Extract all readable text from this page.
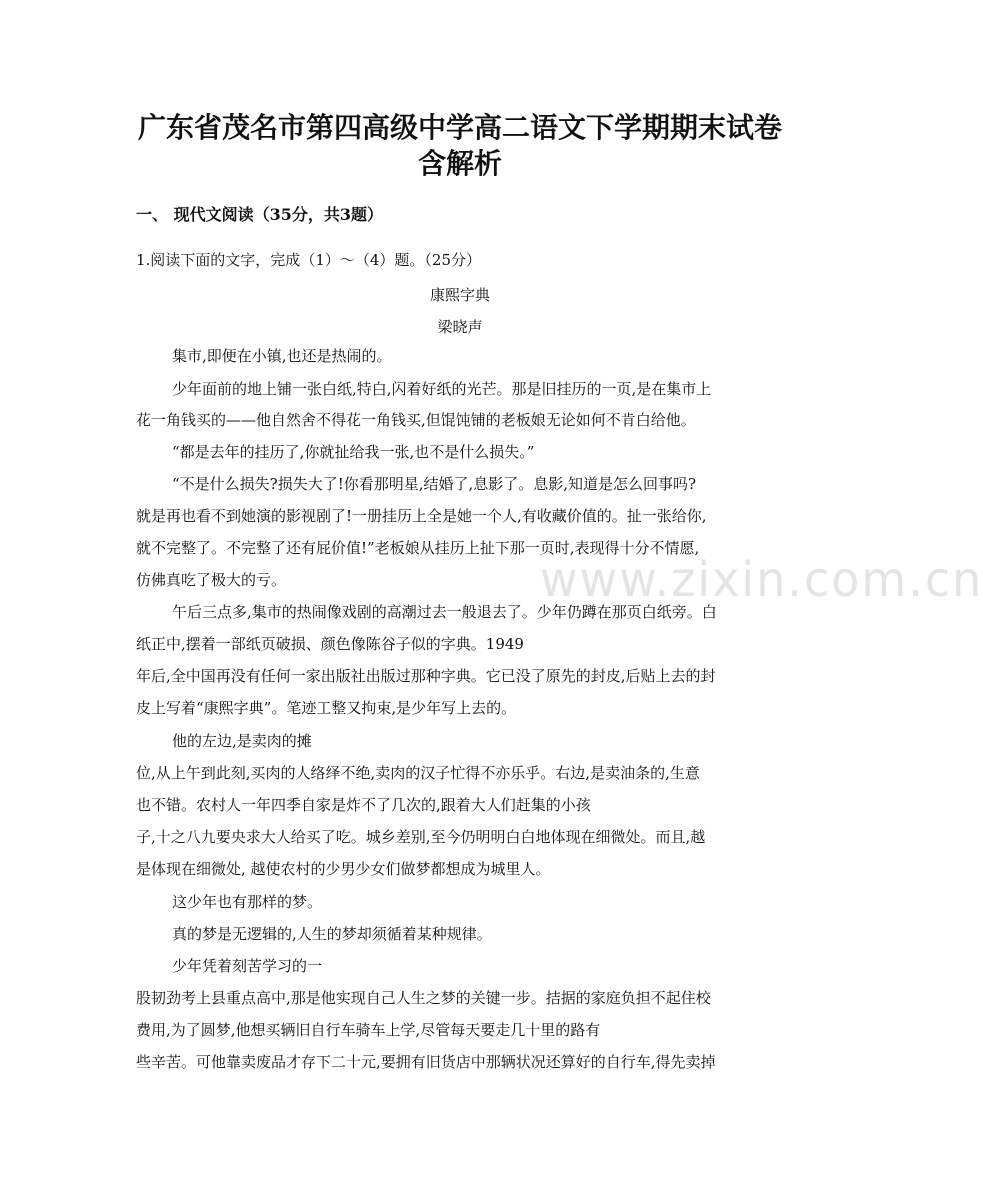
广东省茂名市第四高级中学高二语文下学期期末试卷
含解析
一、 现代文阅读（35分，共3题）
1.阅读下面的文字，完成（1）～（4）题。（25分）
康熙字典
梁晓声
集市,即便在小镇,也还是热闹的。
少年面前的地上铺一张白纸,特白,闪着好纸的光芒。那是旧挂历的一页,是在集市上
花一角钱买的——他自然舍不得花一角钱买,但馄饨铺的老板娘无论如何不肯白给他。
“都是去年的挂历了,你就扯给我一张,也不是什么损失。”
“不是什么损失?损失大了!你看那明星,结婚了,息影了。息影,知道是怎么回事吗?
就是再也看不到她演的影视剧了!一册挂历上全是她一个人,有收藏价值的。扯一张给你,
就不完整了。不完整了还有屁价值!”老板娘从挂历上扯下那一页时,表现得十分不情愿,
仿佛真吃了极大的亏。	www.zixin.com.cn
午后三点多,集市的热闹像戏剧的高潮过去一般退去了。少年仍蹲在那页白纸旁。白
纸正中,摆着一部纸页破损、颜色像陈谷子似的字典。1949
年后,全中国再没有任何一家出版社出版过那种字典。它已没了原先的封皮,后贴上去的封
皮上写着“康熙字典”。笔迹工整又拘束,是少年写上去的。
他的左边,是卖肉的摊
位,从上午到此刻,买肉的人络绎不绝,卖肉的汉子忙得不亦乐乎。右边,是卖油条的,生意
也不错。农村人一年四季自家是炸不了几次的,跟着大人们赶集的小孩
子,十之八九要央求大人给买了吃。城乡差别,至今仍明明白白地体现在细微处。而且,越
是体现在细微处, 越使农村的少男少女们做梦都想成为城里人。
这少年也有那样的梦。
真的梦是无逻辑的,人生的梦却须循着某种规律。
少年凭着刻苦学习的一
股韧劲考上县重点高中,那是他实现自己人生之梦的关键一步。拮据的家庭负担不起住校
费用,为了圆梦,他想买辆旧自行车骑车上学,尽管每天要走几十里的路有
些辛苦。可他靠卖废品才存下二十元,要拥有旧货店中那辆状况还算好的自行车,得先卖掉
